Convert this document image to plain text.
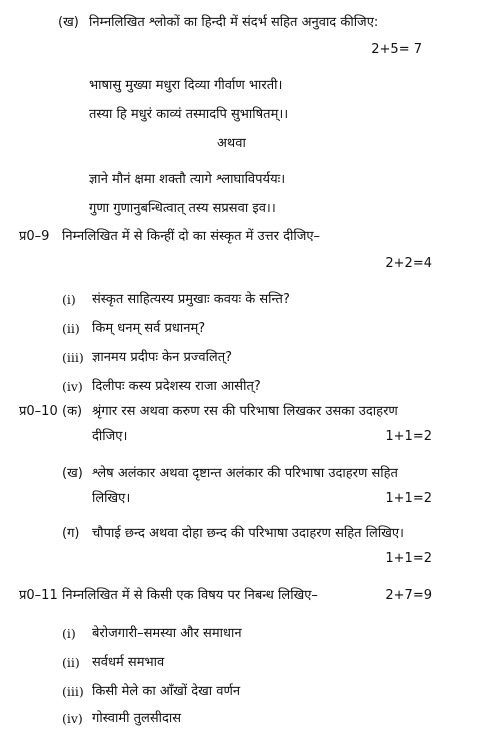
(ख) निम्नलिखित श्लोकों का हिन्दी में संदर्भ सहित अनुवाद कीजिए:
2+5= 7
भाषासु मुख्या मधुरा दिव्या गीर्वाण भारती।
तस्या हि मधुरं काव्यं तस्मादपि सुभाषितम्।।
अथवा
ज्ञाने मौनं क्षमा शक्तौ त्यागे श्लाघाविपर्ययः।
गुणा गुणानुबन्धित्वात् तस्य सप्रसवा इव।।
प्र0–9 निम्नलिखित में से किन्हीं दो का संस्कृत में उत्तर दीजिए–
2+2=4
(i) संस्कृत साहित्यस्य प्रमुखाः कवयः के सन्ति?
(ii) किम् धनम् सर्व प्रधानम्?
(iii) ज्ञानमय प्रदीपः केन प्रज्वलित्?
(iv) दिलीपः कस्य प्रदेशस्य राजा आसीत्?
प्र0–10 (क) श्रृंगार रस अथवा करुण रस की परिभाषा लिखकर उसका उदाहरण
दीजिए।	1+1=2
(ख) श्लेष अलंकार अथवा दृष्टान्त अलंकार की परिभाषा उदाहरण सहित
लिखिए।	1+1=2
(ग) चौपाई छन्द अथवा दोहा छन्द की परिभाषा उदाहरण सहित लिखिए।
1+1=2
प्र0–11 निम्नलिखित में से किसी एक विषय पर निबन्ध लिखिए–	2+7=9
(i) बेरोजगारी–समस्या और समाधान
(ii) सर्वधर्म समभाव
(iii) किसी मेले का आँखों देखा वर्णन
(iv) गोस्वामी तुलसीदास
